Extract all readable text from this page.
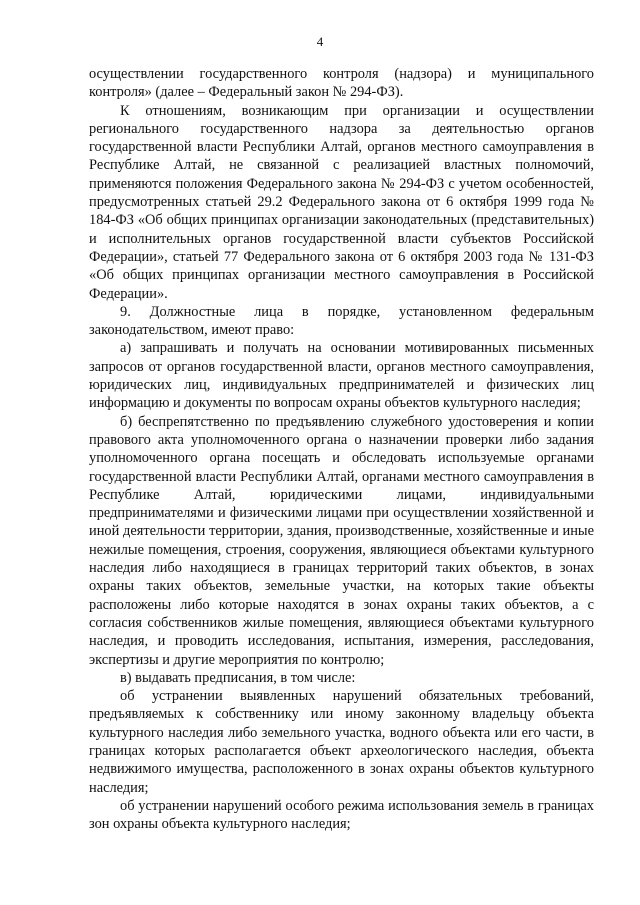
4

осуществлении государственного контроля (надзора) и муниципального контроля» (далее – Федеральный закон № 294-ФЗ).

К отношениям, возникающим при организации и осуществлении регионального государственного надзора за деятельностью органов государственной власти Республики Алтай, органов местного самоуправления в Республике Алтай, не связанной с реализацией властных полномочий, применяются положения Федерального закона № 294-ФЗ с учетом особенностей, предусмотренных статьей 29.2 Федерального закона от 6 октября 1999 года № 184-ФЗ «Об общих принципах организации законодательных (представительных) и исполнительных органов государственной власти субъектов Российской Федерации», статьей 77 Федерального закона от 6 октября 2003 года № 131-ФЗ «Об общих принципах организации местного самоуправления в Российской Федерации».

9. Должностные лица в порядке, установленном федеральным законодательством, имеют право:

а) запрашивать и получать на основании мотивированных письменных запросов от органов государственной власти, органов местного самоуправления, юридических лиц, индивидуальных предпринимателей и физических лиц информацию и документы по вопросам охраны объектов культурного наследия;

б) беспрепятственно по предъявлению служебного удостоверения и копии правового акта уполномоченного органа о назначении проверки либо задания уполномоченного органа посещать и обследовать используемые органами государственной власти Республики Алтай, органами местного самоуправления в Республике Алтай, юридическими лицами, индивидуальными предпринимателями и физическими лицами при осуществлении хозяйственной и иной деятельности территории, здания, производственные, хозяйственные и иные нежилые помещения, строения, сооружения, являющиеся объектами культурного наследия либо находящиеся в границах территорий таких объектов, в зонах охраны таких объектов, земельные участки, на которых такие объекты расположены либо которые находятся в зонах охраны таких объектов, а с согласия собственников жилые помещения, являющиеся объектами культурного наследия, и проводить исследования, испытания, измерения, расследования, экспертизы и другие мероприятия по контролю;

в) выдавать предписания, в том числе:

об устранении выявленных нарушений обязательных требований, предъявляемых к собственнику или иному законному владельцу объекта культурного наследия либо земельного участка, водного объекта или его части, в границах которых располагается объект археологического наследия, объекта недвижимого имущества, расположенного в зонах охраны объектов культурного наследия;

об устранении нарушений особого режима использования земель в границах зон охраны объекта культурного наследия;
